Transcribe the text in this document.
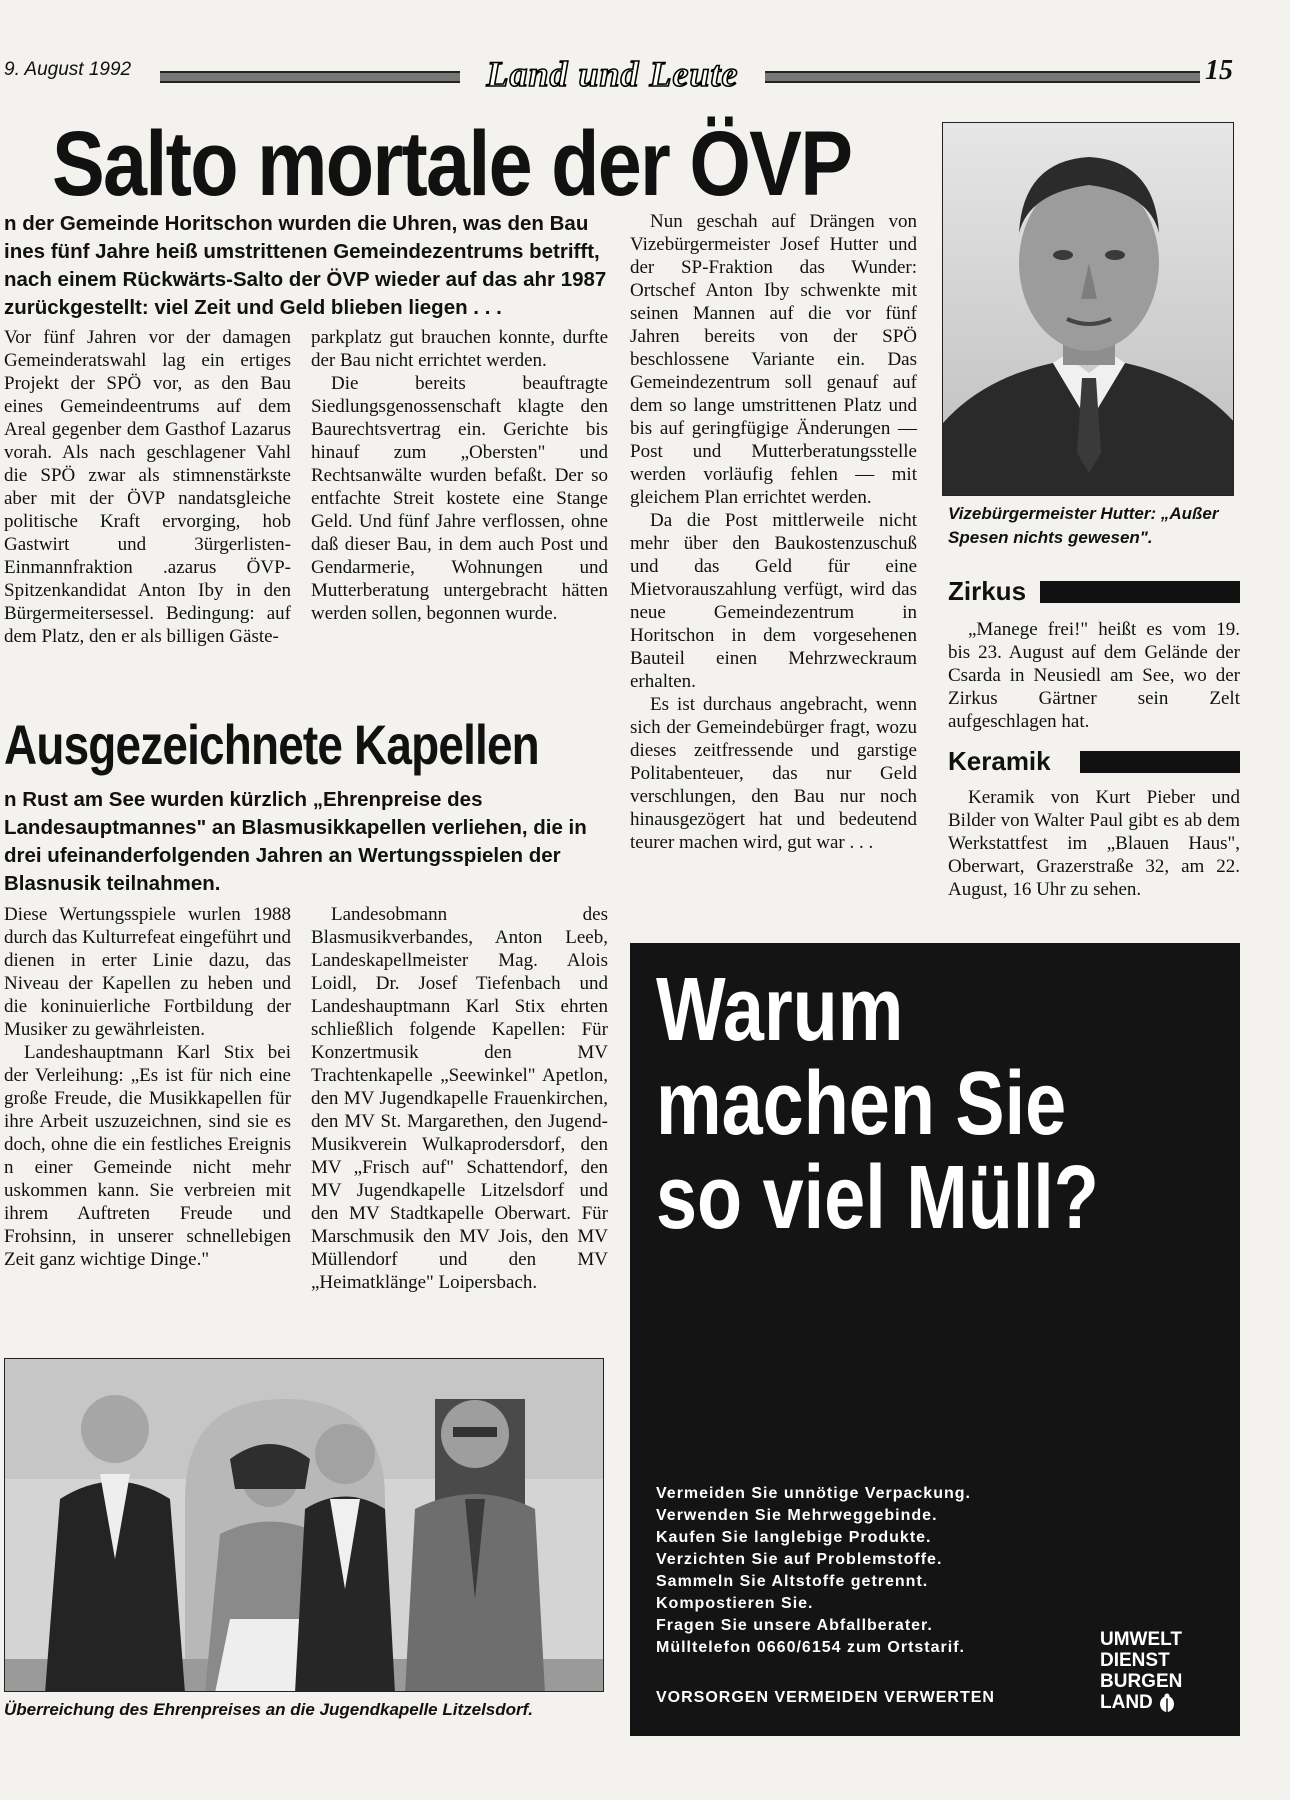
9. August 1992	Land und Leute	15
Salto mortale der ÖVP
n der Gemeinde Horitschon wurden die Uhren, was den Bau ines fünf Jahre heiß umstrittenen Gemeindezentrums betrifft, nach einem Rückwärts-Salto der ÖVP wieder auf das ahr 1987 zurückgestellt: viel Zeit und Geld blieben liegen . . .

Vor fünf Jahren vor der damagen Gemeinderatswahl lag ein ertiges Projekt der SPÖ vor, as den Bau eines Gemeindeentrums auf dem Areal gegenber dem Gasthof Lazarus vorah. Als nach geschlagener Vahl die SPÖ zwar als stimnenstärkste aber mit der ÖVP nandatsgleiche politische Kraft ervorging, hob Gastwirt und 3ürgerlisten-Einmannfraktion .azarus ÖVP-Spitzenkandidat Anton Iby in den Bürgermeitersessel. Bedingung: auf dem Platz, den er als billigen Gäste-

parkplatz gut brauchen konnte, durfte der Bau nicht errichtet werden.

Die bereits beauftragte Siedlungsgenossenschaft klagte den Baurechtsvertrag ein. Gerichte bis hinauf zum „Obersten" und Rechtsanwälte wurden befaßt. Der so entfachte Streit kostete eine Stange Geld. Und fünf Jahre verflossen, ohne daß dieser Bau, in dem auch Post und Gendarmerie, Wohnungen und Mutterberatung untergebracht hätten werden sollen, begonnen wurde.

Nun geschah auf Drängen von Vizebürgermeister Josef Hutter und der SP-Fraktion das Wunder: Ortschef Anton Iby schwenkte mit seinen Mannen auf die vor fünf Jahren bereits von der SPÖ beschlossene Variante ein. Das Gemeindezentrum soll genauf auf dem so lange umstrittenen Platz und bis auf geringfügige Änderungen — Post und Mutterberatungsstelle werden vorläufig fehlen — mit gleichem Plan errichtet werden.

Da die Post mittlerweile nicht mehr über den Baukostenzuschuß und das Geld für eine Mietvorauszahlung verfügt, wird das neue Gemeindezentrum in Horitschon in dem vorgesehenen Bauteil einen Mehrzweckraum erhalten.

Es ist durchaus angebracht, wenn sich der Gemeindebürger fragt, wozu dieses zeitfressende und garstige Politabenteuer, das nur Geld verschlungen, den Bau nur noch hinausgezögert hat und bedeutend teurer machen wird, gut war . . .

Vizebürgermeister Hutter: „Außer Spesen nichts gewesen".
Zirkus

„Manege frei!" heißt es vom 19. bis 23. August auf dem Gelände der Csarda in Neusiedl am See, wo der Zirkus Gärtner sein Zelt aufgeschlagen hat.

Keramik

Keramik von Kurt Pieber und Bilder von Walter Paul gibt es ab dem Werkstattfest im „Blauen Haus", Oberwart, Grazerstraße 32, am 22. August, 16 Uhr zu sehen.

Ausgezeichnete Kapellen
n Rust am See wurden kürzlich „Ehrenpreise des Landesauptmannes" an Blasmusikkapellen verliehen, die in drei ufeinanderfolgenden Jahren an Wertungsspielen der Blasnusik teilnahmen.

Diese Wertungsspiele wurlen 1988 durch das Kulturrefeat eingeführt und dienen in erter Linie dazu, das Niveau der Kapellen zu heben und die koninuierliche Fortbildung der Musiker zu gewährleisten.

Landeshauptmann Karl Stix bei der Verleihung: „Es ist für nich eine große Freude, die Musikkapellen für ihre Arbeit uszuzeichnen, sind sie es doch, ohne die ein festliches Ereignis n einer Gemeinde nicht mehr uskommen kann. Sie verbreien mit ihrem Auftreten Freude und Frohsinn, in unserer schnellebigen Zeit ganz wichtige Dinge."

Landesobmann des Blasmusikverbandes, Anton Leeb, Landeskapellmeister Mag. Alois Loidl, Dr. Josef Tiefenbach und Landeshauptmann Karl Stix ehrten schließlich folgende Kapellen: Für Konzertmusik den MV Trachtenkapelle „Seewinkel" Apetlon, den MV Jugendkapelle Frauenkirchen, den MV St. Margarethen, den Jugend-Musikverein Wulkaprodersdorf, den MV „Frisch auf" Schattendorf, den MV Jugendkapelle Litzelsdorf und den MV Stadtkapelle Oberwart. Für Marschmusik den MV Jois, den MV Müllendorf und den MV „Heimatklänge" Loipersbach.

Überreichung des Ehrenpreises an die Jugendkapelle Litzelsdorf.
Warum
machen Sie
so viel Müll?
Vermeiden Sie unnötige Verpackung.
Verwenden Sie Mehrweggebinde.
Kaufen Sie langlebige Produkte.
Verzichten Sie auf Problemstoffe.
Sammeln Sie Altstoffe getrennt.
Kompostieren Sie.
Fragen Sie unsere Abfallberater.
Mülltelefon 0660/6154 zum Ortstarif.
VORSORGEN VERMEIDEN VERWERTEN
UMWELT
DIENST
BURGEN
LAND
